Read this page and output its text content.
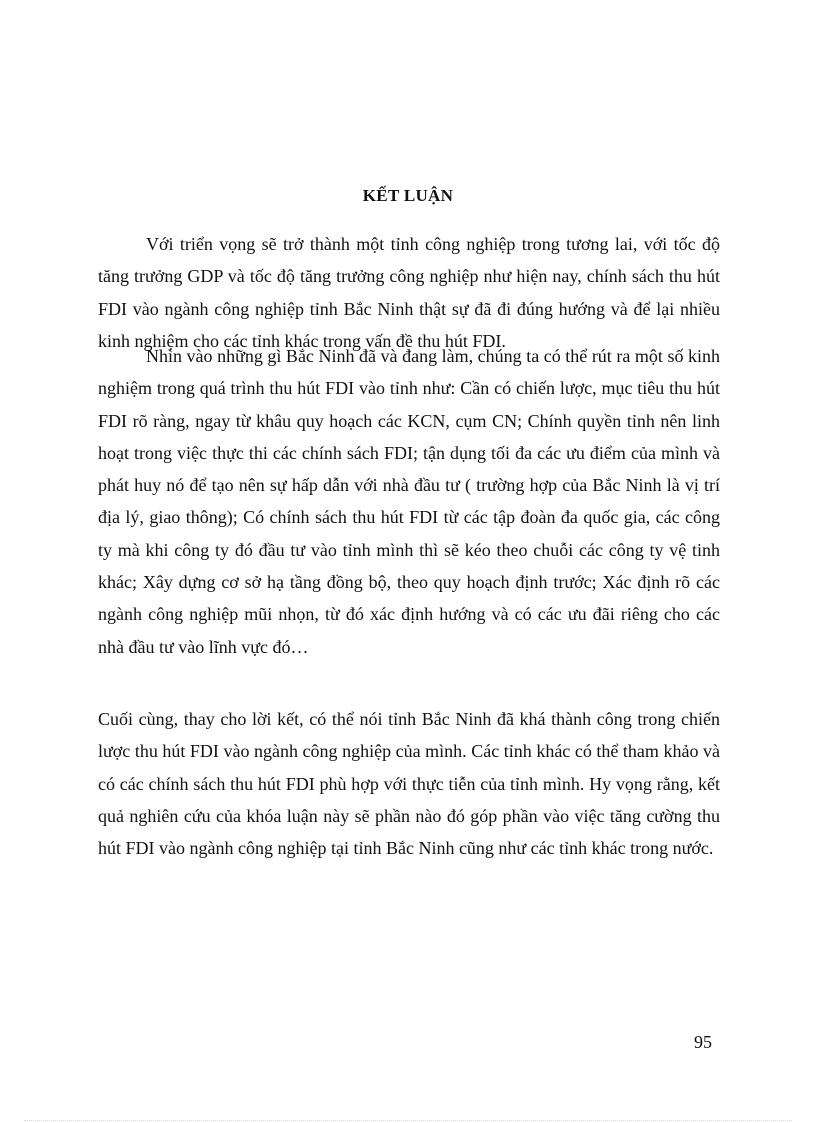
KẾT LUẬN

Với triển vọng sẽ trở thành một tỉnh công nghiệp trong tương lai, với tốc độ tăng trưởng GDP và tốc độ tăng trưởng công nghiệp như hiện nay, chính sách thu hút FDI vào ngành công nghiệp tỉnh Bắc Ninh thật sự đã đi đúng hướng và để lại nhiều kinh nghiệm cho các tỉnh khác trong vấn đề thu hút FDI.

Nhìn vào những gì Bắc Ninh đã và đang làm, chúng ta có thể rút ra một số kinh nghiệm trong quá trình thu hút FDI vào tỉnh như: Cần có chiến lược, mục tiêu thu hút FDI rõ ràng, ngay từ khâu quy hoạch các KCN, cụm CN; Chính quyền tỉnh nên linh hoạt trong việc thực thi các chính sách FDI; tận dụng tối đa các ưu điểm của mình và phát huy nó để tạo nên sự hấp dẫn với nhà đầu tư ( trường hợp của Bắc Ninh là vị trí địa lý, giao thông); Có chính sách thu hút FDI từ các tập đoàn đa quốc gia, các công ty mà khi công ty đó đầu tư vào tỉnh mình thì sẽ kéo theo chuỗi các công ty vệ tinh khác; Xây dựng cơ sở hạ tầng đồng bộ, theo quy hoạch định trước; Xác định rõ các ngành công nghiệp mũi nhọn, từ đó xác định hướng và có các ưu đãi riêng cho các nhà đầu tư vào lĩnh vực đó…

Cuối cùng, thay cho lời kết, có thể nói tỉnh Bắc Ninh đã khá thành công trong chiến lược thu hút FDI vào ngành công nghiệp của mình. Các tỉnh khác có thể tham khảo và có các chính sách thu hút FDI phù hợp với thực tiễn của tỉnh mình. Hy vọng rằng, kết quả nghiên cứu của khóa luận này sẽ phần nào đó góp phần vào việc tăng cường thu hút FDI vào ngành công nghiệp tại tỉnh Bắc Ninh cũng như các tỉnh khác trong nước.

95
